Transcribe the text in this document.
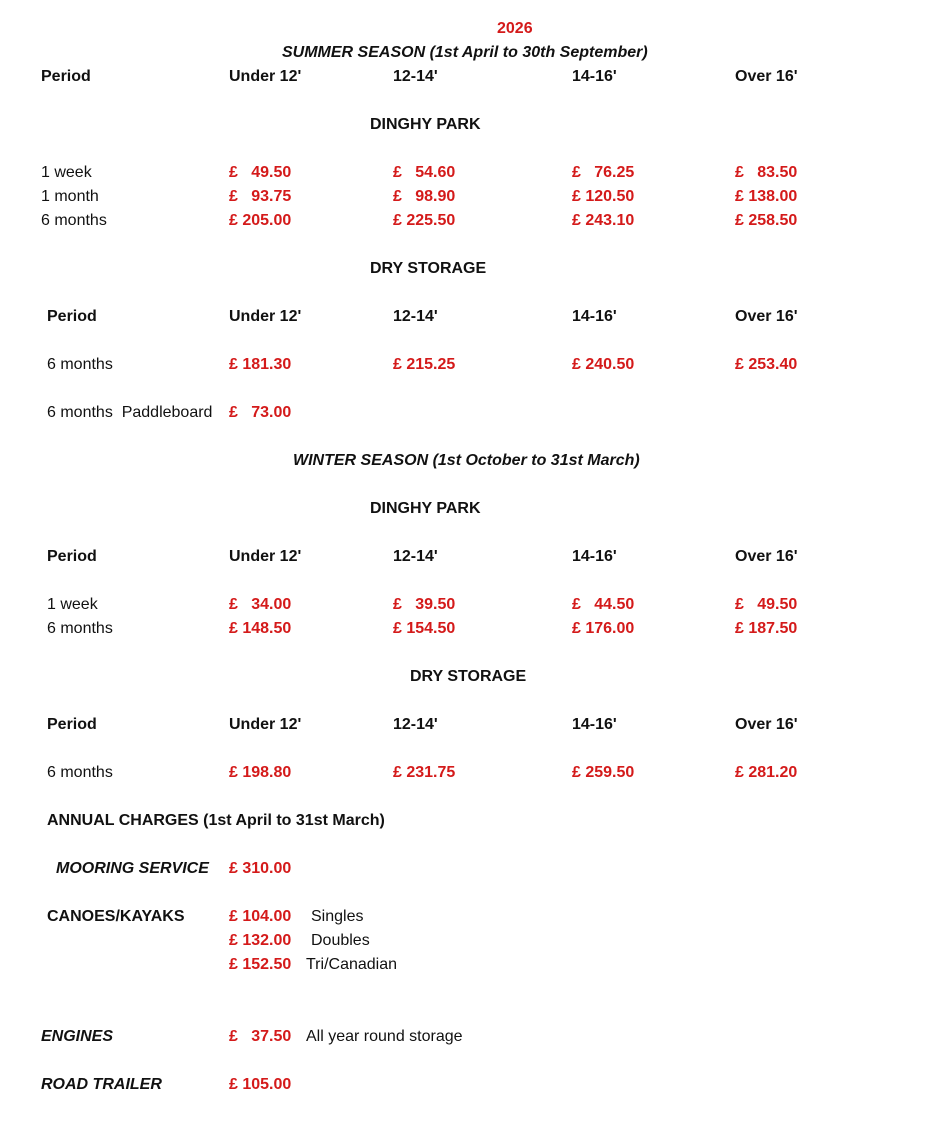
2026
SUMMER SEASON (1st April to 30th September)
Period	Under 12'	12-14'	14-16'	Over 16'
DINGHY PARK
1 week	£   49.50	£   54.60	£   76.25	£   83.50
1 month	£   93.75	£   98.90	£ 120.50	£ 138.00
6 months	£ 205.00	£ 225.50	£ 243.10	£ 258.50
DRY STORAGE
Period	Under 12'	12-14'	14-16'	Over 16'
6 months	£ 181.30	£ 215.25	£ 240.50	£ 253.40
6 months  Paddleboard £   73.00
WINTER SEASON (1st October to 31st March)
DINGHY PARK
Period	Under 12'	12-14'	14-16'	Over 16'
1 week	£   34.00	£   39.50	£   44.50	£   49.50
6 months	£ 148.50	£ 154.50	£ 176.00	£ 187.50
DRY STORAGE
Period	Under 12'	12-14'	14-16'	Over 16'
6 months	£ 198.80	£ 231.75	£ 259.50	£ 281.20
ANNUAL CHARGES (1st April to 31st March)
MOORING SERVICE £ 310.00
CANOES/KAYAKS	£ 104.00 Singles
£ 132.00 Doubles
£ 152.50 Tri/Canadian
ENGINES	£   37.50 All year round storage
ROAD TRAILER	£ 105.00
